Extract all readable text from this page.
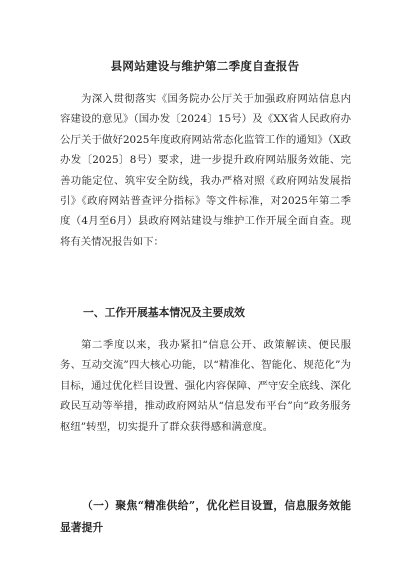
县网站建设与维护第二季度自查报告

为深入贯彻落实《国务院办公厅关于加强政府网站信息内容建设的意见》（国办发〔2024〕15号）及《XX省人民政府办公厅关于做好2025年度政府网站常态化监管工作的通知》（X政办发〔2025〕8号）要求，进一步提升政府网站服务效能、完善功能定位、筑牢安全防线，我办严格对照《政府网站发展指引》《政府网站普查评分指标》等文件标准，对2025年第二季度（4月至6月）县政府网站建设与维护工作开展全面自查。现将有关情况报告如下：

一、工作开展基本情况及主要成效

第二季度以来，我办紧扣“信息公开、政策解读、便民服务、互动交流”四大核心功能，以“精准化、智能化、规范化”为目标，通过优化栏目设置、强化内容保障、严守安全底线、深化政民互动等举措，推动政府网站从“信息发布平台”向“政务服务枢纽”转型，切实提升了群众获得感和满意度。

（一）聚焦“精准供给”，优化栏目设置，信息服务效能显著提升
